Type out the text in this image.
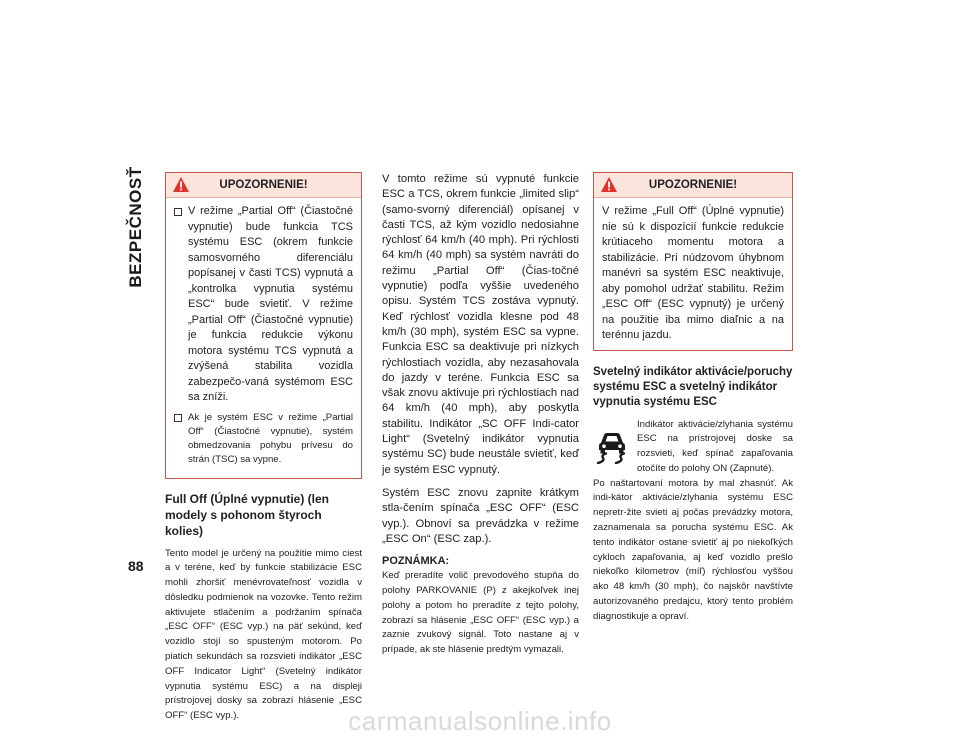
BEZPEČNOSŤ
88
UPOZORNENIE!
V režime „Partial Off“ (Čiastočné vypnutie) bude funkcia TCS systému ESC (okrem funkcie samosvorného diferenciálu popísanej v časti TCS) vypnutá a „kontrolka vypnutia systému ESC“ bude svietiť. V režime „Partial Off“ (Čiastočné vypnutie) je funkcia redukcie výkonu motora systému TCS vypnutá a zvýšená stabilita vozidla zabezpečo-vaná systémom ESC sa zníži.
Ak je systém ESC v režime „Partial Off“ (Čiastočné vypnutie), systém obmedzovania pohybu prívesu do strán (TSC) sa vypne.
Full Off (Úplné vypnutie) (len modely s pohonom štyroch kolies)

Tento model je určený na použitie mimo ciest a v teréne, keď by funkcie stabilizácie ESC mohli zhoršiť menévrovateľnosť vozidla v dôsledku podmienok na vozovke. Tento režim aktivujete stlačením a podržaním spínača „ESC OFF“ (ESC vyp.) na päť sekúnd, keď vozidlo stojí so spusteným motorom. Po piatich sekundách sa rozsvieti indikátor „ESC OFF Indicator Light“ (Svetelný indikátor vypnutia systému ESC) a na displeji prístrojovej dosky sa zobrazí hlásenie „ESC OFF“ (ESC vyp.).

V tomto režime sú vypnuté funkcie ESC a TCS, okrem funkcie „limited slip“ (samo-svorný diferenciál) opísanej v časti TCS, až kým vozidlo nedosiahne rýchlosť 64 km/h (40 mph). Pri rýchlosti 64 km/h (40 mph) sa systém navráti do režimu „Partial Off“ (Čias-točné vypnutie) podľa vyššie uvedeného opisu. Systém TCS zostáva vypnutý. Keď rýchlosť vozidla klesne pod 48 km/h (30 mph), systém ESC sa vypne. Funkcia ESC sa deaktivuje pri nízkych rýchlostiach vozidla, aby nezasahovala do jazdy v teréne. Funkcia ESC sa však znovu aktivuje pri rýchlostiach nad 64 km/h (40 mph), aby poskytla stabilitu. Indikátor „SC OFF Indi-cator Light“ (Svetelný indikátor vypnutia systému SC) bude neustále svietiť, keď je systém ESC vypnutý.

Systém ESC znovu zapnite krátkym stla-čením spínača „ESC OFF“ (ESC vyp.). Obnoví sa prevádzka v režime „ESC On“ (ESC zap.).

POZNÁMKA:

Keď preradíte volič prevodového stupňa do polohy PARKOVANIE (P) z akejkoľvek inej polohy a potom ho preradíte z tejto polohy, zobrazí sa hlásenie „ESC OFF“ (ESC vyp.) a zaznie zvukový signál. Toto nastane aj v prípade, ak ste hlásenie predtým vymazali.

UPOZORNENIE!
V režime „Full Off“ (Úplné vypnutie) nie sú k dispozícií funkcie redukcie krútiaceho momentu motora a stabilizácie. Pri núdzovom úhybnom manévri sa systém ESC neaktivuje, aby pomohol udržať stabilitu. Režim „ESC Off“ (ESC vypnutý) je určený na použitie iba mimo diaľnic a na terénnu jazdu.
Svetelný indikátor aktivácie/poruchy systému ESC a svetelný indikátor vypnutia systému ESC
Indikátor aktivácie/zlyhania systému ESC na prístrojovej doske sa rozsvieti, keď spínač zapaľovania otočíte do polohy ON (Zapnuté).

Po naštartovaní motora by mal zhasnúť. Ak indi-kátor aktivácie/zlyhania systému ESC nepretr-žite svieti aj počas prevádzky motora, zaznamenala sa porucha systému ESC. Ak tento indikátor ostane svietiť aj po niekoľkých cykloch zapaľovania, aj keď vozidlo prešlo niekoľko kilometrov (míľ) rýchlosťou vyššou ako 48 km/h (30 mph), čo najskôr navštívte autorizovaného predajcu, ktorý tento problém diagnostikuje a opraví.

carmanualsonline.info
